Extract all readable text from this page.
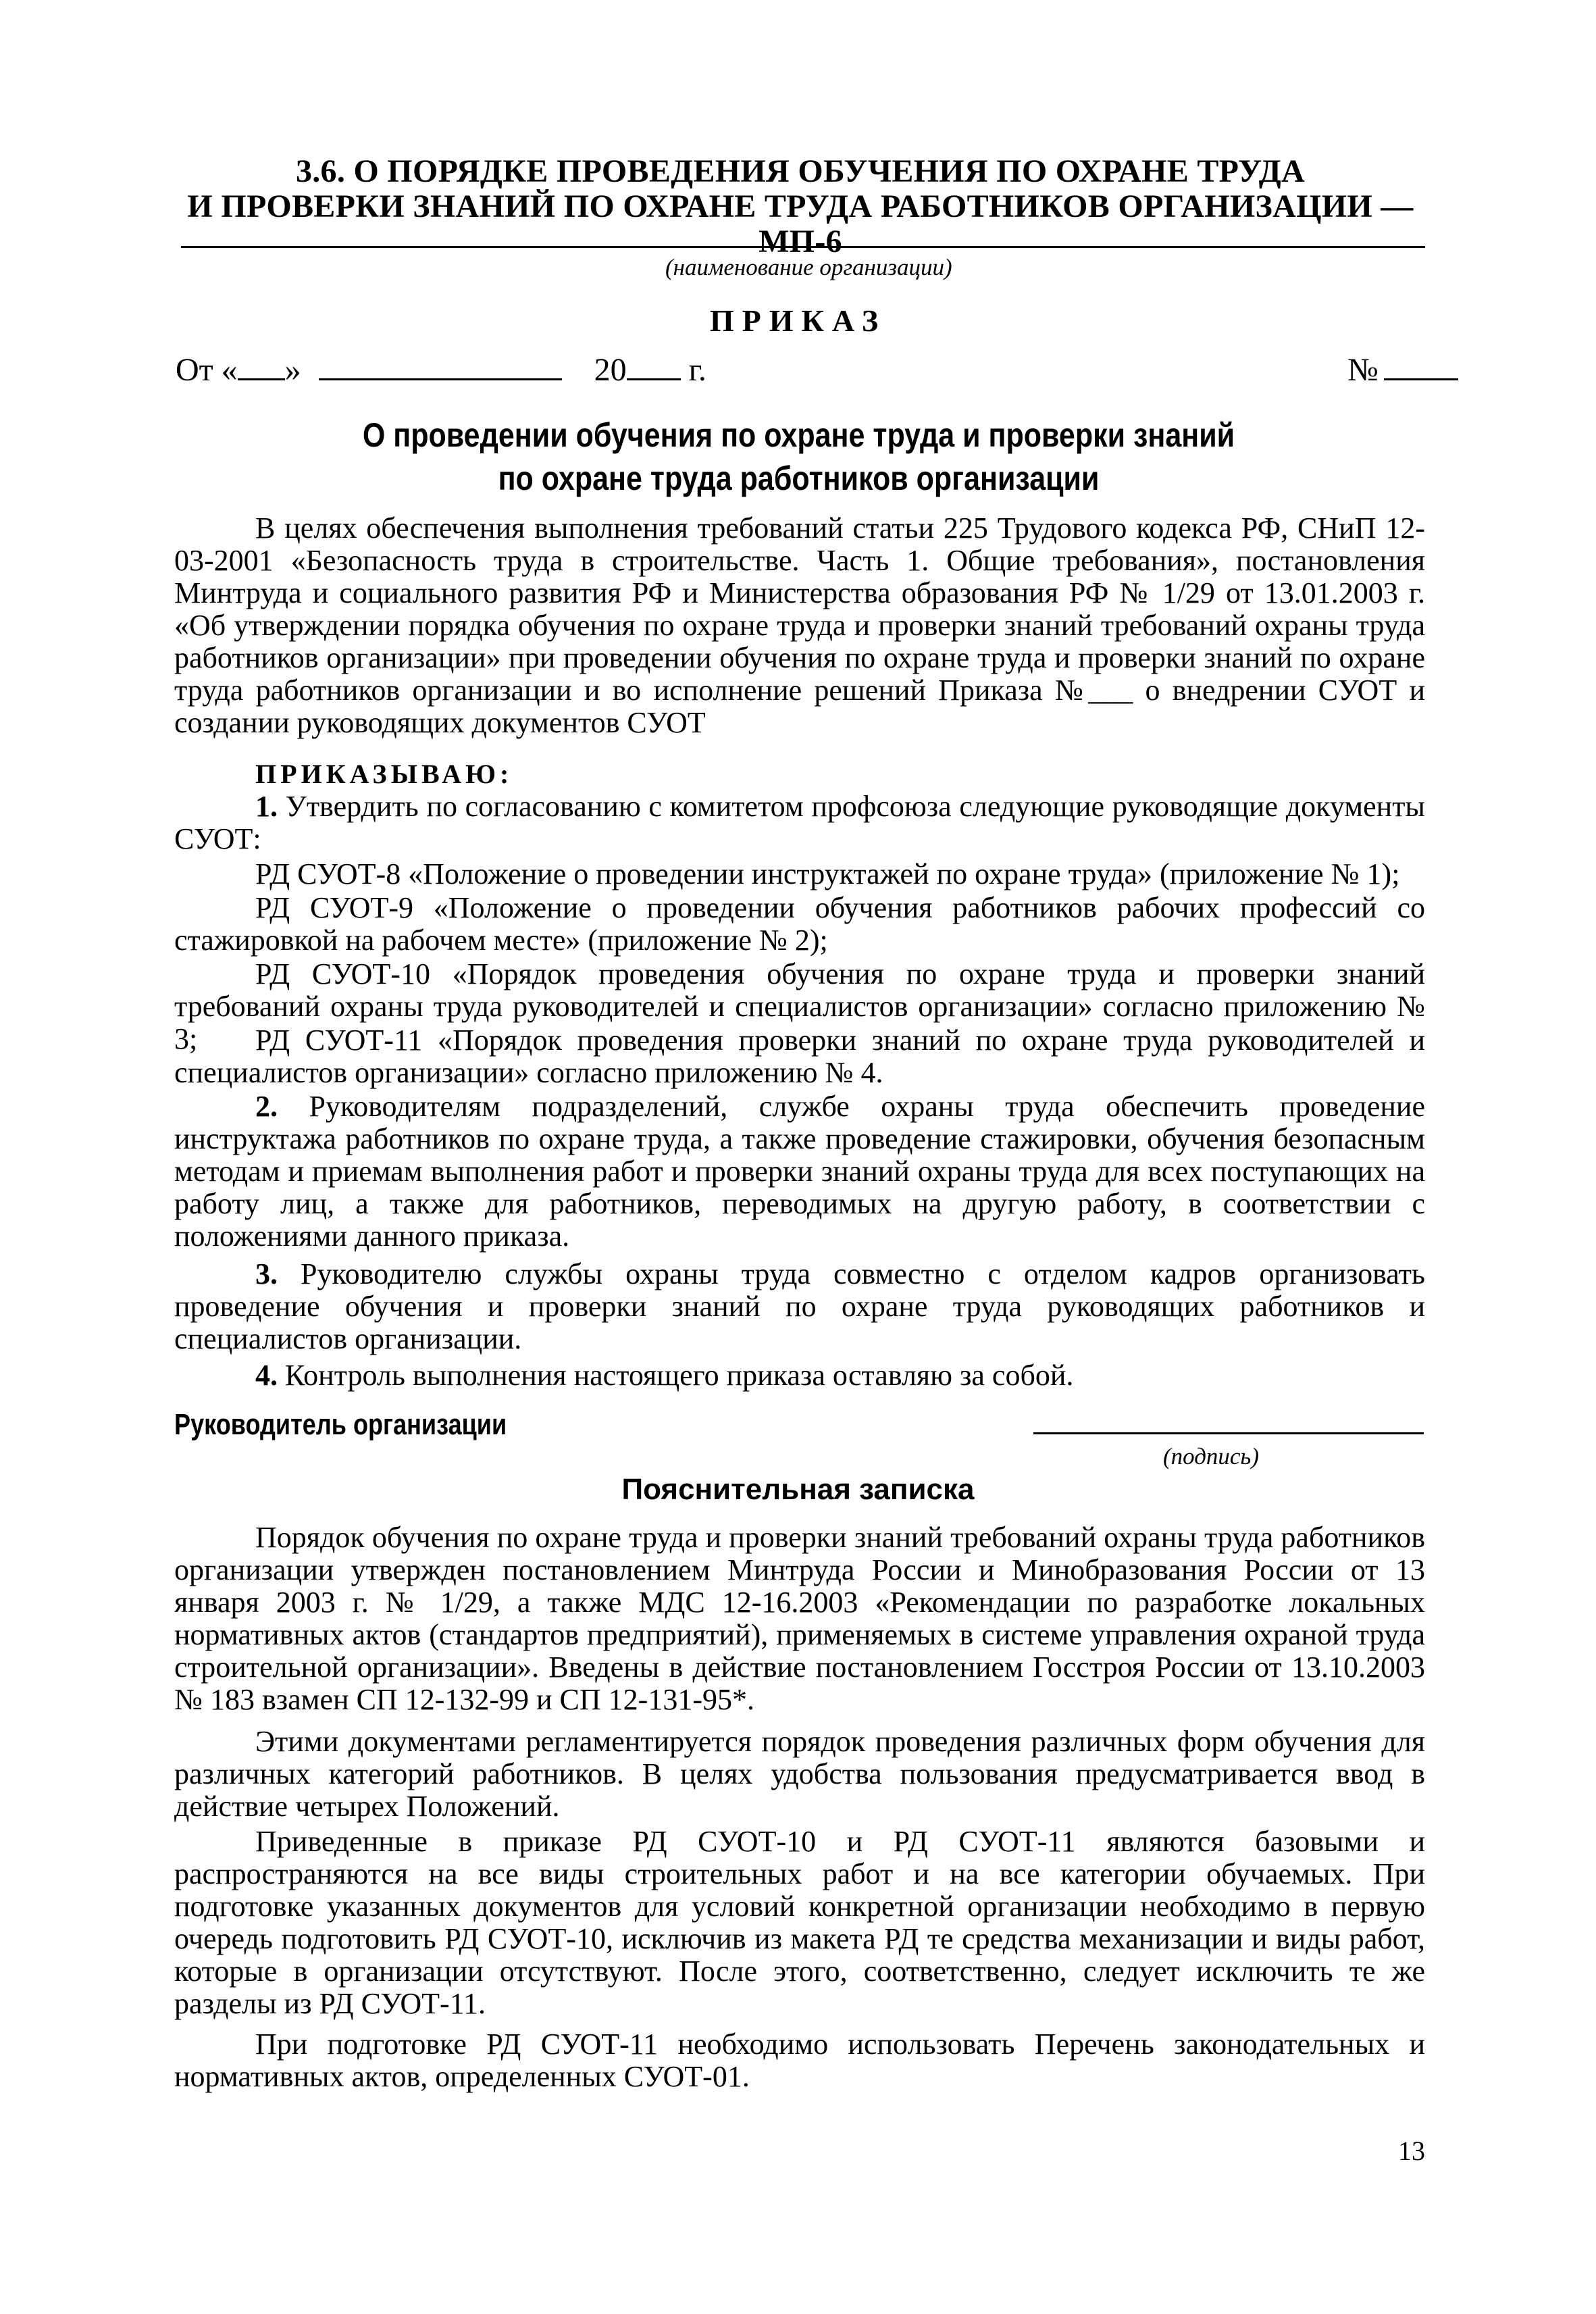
3.6. О ПОРЯДКЕ ПРОВЕДЕНИЯ ОБУЧЕНИЯ ПО ОХРАНЕ ТРУДА
И ПРОВЕРКИ ЗНАНИЙ ПО ОХРАНЕ ТРУДА РАБОТНИКОВ ОРГАНИЗАЦИИ — МП-6
(наименование организации)
ПРИКАЗ
От « »	20 г.	№
О проведении обучения по охране труда и проверки знаний
по охране труда работников организации

В целях обеспечения выполнения требований статьи 225 Трудового кодекса РФ, СНиП 12-03-2001 «Безопасность труда в строительстве. Часть 1. Общие требования», постановления Минтруда и социального развития РФ и Министерства образования РФ № 1/29 от 13.01.2003 г. «Об утверждении порядка обучения по охране труда и проверки знаний требований охраны труда работников организации» при проведении обучения по охране труда и проверки знаний по охране труда работников организации и во исполнение решений Приказа №___ о внедрении СУОТ и создании руководящих документов СУОТ

ПРИКАЗЫВАЮ:

1. Утвердить по согласованию с комитетом профсоюза следующие руководящие документы СУОТ:

РД СУОТ-8 «Положение о проведении инструктажей по охране труда» (приложение № 1);

РД СУОТ-9 «Положение о проведении обучения работников рабочих профессий со стажировкой на рабочем месте» (приложение № 2);

РД СУОТ-10 «Порядок проведения обучения по охране труда и проверки знаний требований охраны труда руководителей и специалистов организации» согласно приложению № 3;	РД СУОТ-11 «Порядок проведения проверки знаний по охране труда руководителей и специалистов организации» согласно приложению № 4.

2. Руководителям подразделений, службе охраны труда обеспечить проведение инструктажа работников по охране труда, а также проведение стажировки, обучения безопасным методам и приемам выполнения работ и проверки знаний охраны труда для всех поступающих на работу лиц, а также для работников, переводимых на другую работу, в соответствии с положениями данного приказа.

3. Руководителю службы охраны труда совместно с отделом кадров организовать проведение обучения и проверки знаний по охране труда руководящих работников и специалистов организации.

4. Контроль выполнения настоящего приказа оставляю за собой.

Руководитель организации
(подпись)
Пояснительная записка

Порядок обучения по охране труда и проверки знаний требований охраны труда работников организации утвержден постановлением Минтруда России и Минобразования России от 13 января 2003 г. № 1/29, а также МДС 12-16.2003 «Рекомендации по разработке локальных нормативных актов (стандартов предприятий), применяемых в системе управления охраной труда строительной организации». Введены в действие постановлением Госстроя России от 13.10.2003 № 183 взамен СП 12-132-99 и СП 12-131-95*.

Этими документами регламентируется порядок проведения различных форм обучения для различных категорий работников. В целях удобства пользования предусматривается ввод в действие четырех Положений.

Приведенные в приказе РД СУОТ-10 и РД СУОТ-11 являются базовыми и распространяются на все виды строительных работ и на все категории обучаемых. При подготовке указанных документов для условий конкретной организации необходимо в первую очередь подготовить РД СУОТ-10, исключив из макета РД те средства механизации и виды работ, которые в организации отсутствуют. После этого, соответственно, следует исключить те же разделы из РД СУОТ-11.

При подготовке РД СУОТ-11 необходимо использовать Перечень законодательных и нормативных актов, определенных СУОТ-01.

13
